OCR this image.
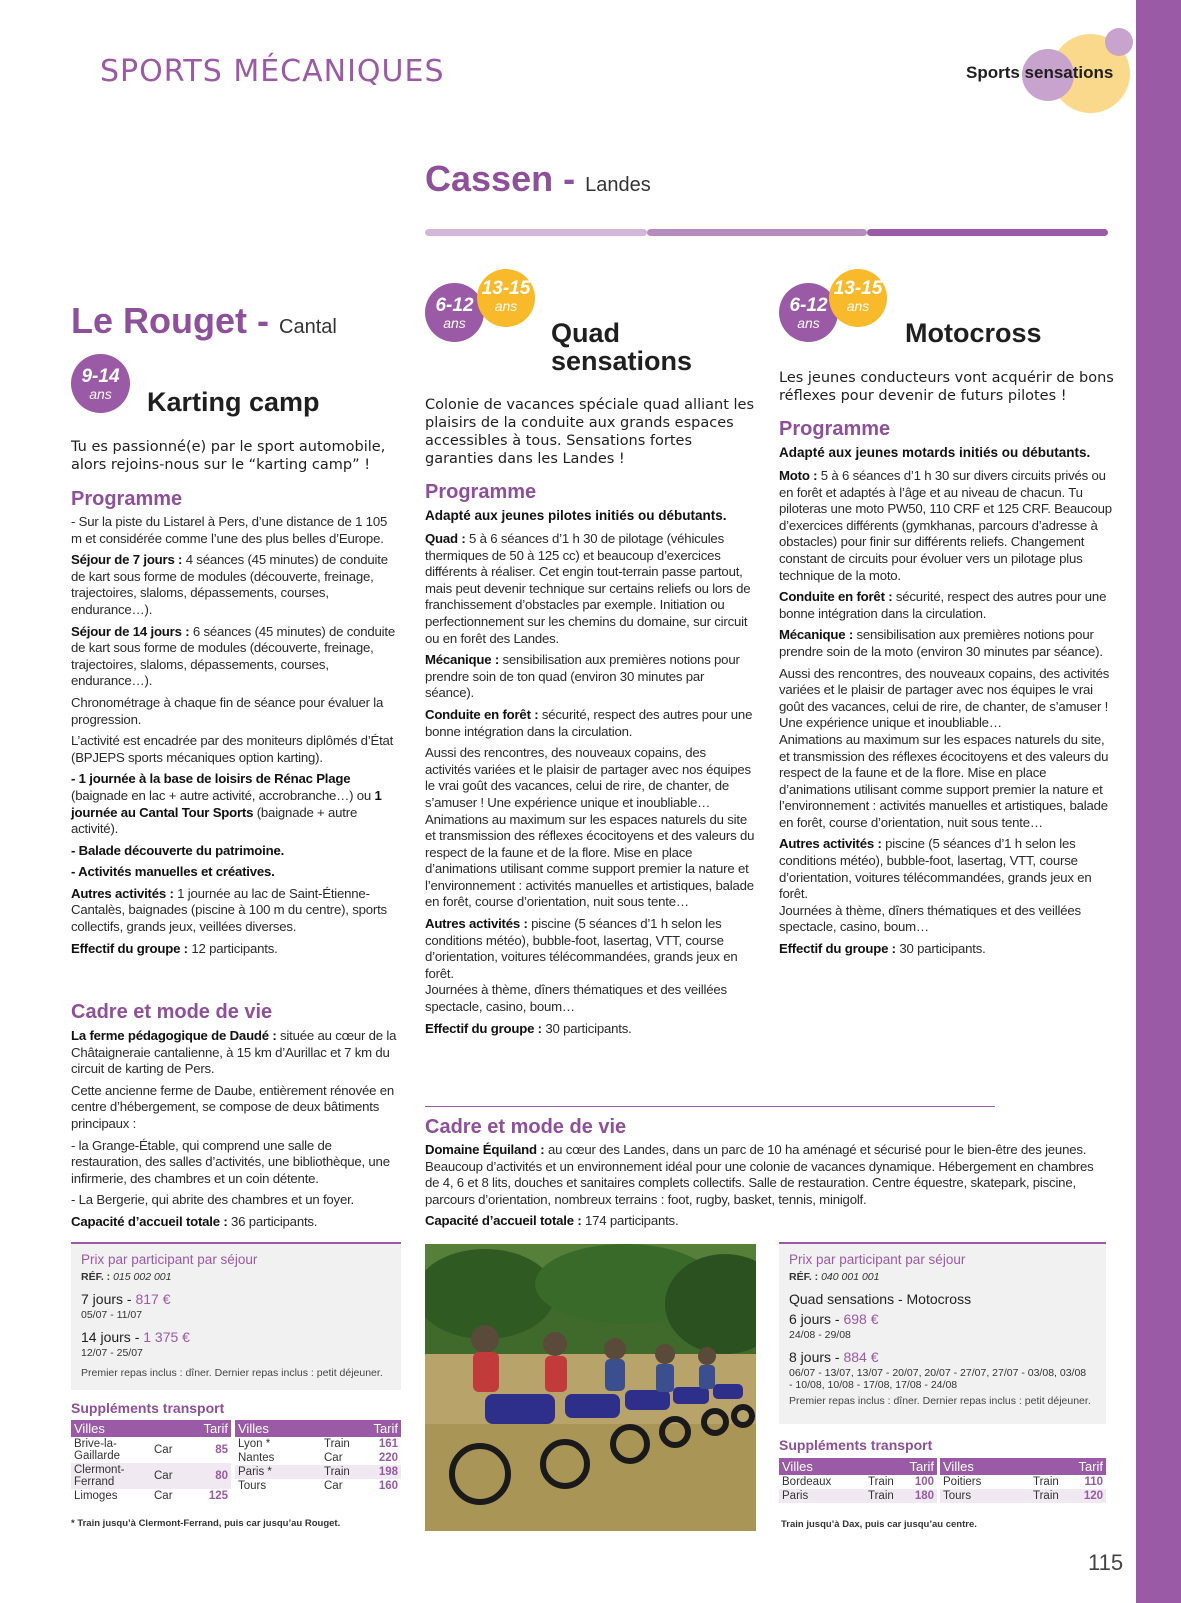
SPORTS MÉCANIQUES	Sports sensations
Cassen - Landes
Le Rouget - Cantal
9-14
ans	Karting camp
Tu es passionné(e) par le sport automobile, alors rejoins-nous sur le “karting camp” !
Programme

- Sur la piste du Listarel à Pers, d’une distance de 1 105 m et considérée comme l’une des plus belles d’Europe.

Séjour de 7 jours : 4 séances (45 minutes) de conduite de kart sous forme de modules (découverte, freinage, trajectoires, slaloms, dépassements, courses, endurance…).

Séjour de 14 jours : 6 séances (45 minutes) de conduite de kart sous forme de modules (découverte, freinage, trajectoires, slaloms, dépassements, courses, endurance…).

Chronométrage à chaque fin de séance pour évaluer la progression.

L’activité est encadrée par des moniteurs diplômés d’État (BPJEPS sports mécaniques option karting).

- 1 journée à la base de loisirs de Rénac Plage (baignade en lac + autre activité, accrobranche…) ou 1 journée au Cantal Tour Sports (baignade + autre activité).

- Balade découverte du patrimoine.

- Activités manuelles et créatives.

Autres activités : 1 journée au lac de Saint-Étienne-Cantalès, baignades (piscine à 100 m du centre), sports collectifs, grands jeux, veillées diverses.

Effectif du groupe : 12 participants.

Cadre et mode de vie

La ferme pédagogique de Daudé : située au cœur de la Châtaigneraie cantalienne, à 15 km d’Aurillac et 7 km du circuit de karting de Pers.

Cette ancienne ferme de Daube, entièrement rénovée en centre d’hébergement, se compose de deux bâtiments principaux :

- la Grange-Étable, qui comprend une salle de restauration, des salles d’activités, une bibliothèque, une infirmerie, des chambres et un coin détente.

- La Bergerie, qui abrite des chambres et un foyer.

Capacité d’accueil totale : 36 participants.

Prix par participant par séjour
RÉF. : 015 002 001
7 jours - 817 €
05/07 - 11/07
14 jours - 1 375 €
12/07 - 25/07
Premier repas inclus : dîner. Dernier repas inclus : petit déjeuner.
Suppléments transport
Villes		Tarif
Brive-la-Gaillarde	Car	85
Clermont-Ferrand	Car	80
Limoges	Car	125
Villes		Tarif
Lyon *	Train	161
Nantes	Car	220
Paris *	Train	198
Tours	Car	160
* Train jusqu’à Clermont-Ferrand, puis car jusqu’au Rouget.
6-12
ans
13-15
ans
Quad
sensations
Colonie de vacances spéciale quad alliant les plaisirs de la conduite aux grands espaces accessibles à tous. Sensations fortes garanties dans les Landes !
Programme
Adapté aux jeunes pilotes initiés ou débutants.

Quad : 5 à 6 séances d’1 h 30 de pilotage (véhicules thermiques de 50 à 125 cc) et beaucoup d’exercices différents à réaliser. Cet engin tout-terrain passe partout, mais peut devenir technique sur certains reliefs ou lors de franchissement d’obstacles par exemple. Initiation ou perfectionnement sur les chemins du domaine, sur circuit ou en forêt des Landes.

Mécanique : sensibilisation aux premières notions pour prendre soin de ton quad (environ 30 minutes par séance).

Conduite en forêt : sécurité, respect des autres pour une bonne intégration dans la circulation.

Aussi des rencontres, des nouveaux copains, des activités variées et le plaisir de partager avec nos équipes le vrai goût des vacances, celui de rire, de chanter, de s’amuser ! Une expérience unique et inoubliable…

Animations au maximum sur les espaces naturels du site et transmission des réflexes écocitoyens et des valeurs du respect de la faune et de la flore. Mise en place d’animations utilisant comme support premier la nature et l’environnement : activités manuelles et artistiques, balade en forêt, course d’orientation, nuit sous tente…

Autres activités : piscine (5 séances d’1 h selon les conditions météo), bubble-foot, lasertag, VTT, course d’orientation, voitures télécommandées, grands jeux en forêt.

Journées à thème, dîners thématiques et des veillées spectacle, casino, boum…

Effectif du groupe : 30 participants.

6-12
ans
13-15
ans
Motocross
Les jeunes conducteurs vont acquérir de bons réflexes pour devenir de futurs pilotes !
Programme
Adapté aux jeunes motards initiés ou débutants.

Moto : 5 à 6 séances d’1 h 30 sur divers circuits privés ou en forêt et adaptés à l’âge et au niveau de chacun. Tu piloteras une moto PW50, 110 CRF et 125 CRF. Beaucoup d’exercices différents (gymkhanas, parcours d’adresse à obstacles) pour finir sur différents reliefs. Changement constant de circuits pour évoluer vers un pilotage plus technique de la moto.

Conduite en forêt : sécurité, respect des autres pour une bonne intégration dans la circulation.

Mécanique : sensibilisation aux premières notions pour prendre soin de la moto (environ 30 minutes par séance).

Aussi des rencontres, des nouveaux copains, des activités variées et le plaisir de partager avec nos équipes le vrai goût des vacances, celui de rire, de chanter, de s’amuser ! Une expérience unique et inoubliable…

Animations au maximum sur les espaces naturels du site, et transmission des réflexes écocitoyens et des valeurs du respect de la faune et de la flore. Mise en place d’animations utilisant comme support premier la nature et l’environnement : activités manuelles et artistiques, balade en forêt, course d’orientation, nuit sous tente…

Autres activités : piscine (5 séances d’1 h selon les conditions météo), bubble-foot, lasertag, VTT, course d’orientation, voitures télécommandées, grands jeux en forêt.

Journées à thème, dîners thématiques et des veillées spectacle, casino, boum…

Effectif du groupe : 30 participants.

Cadre et mode de vie

Domaine Équiland : au cœur des Landes, dans un parc de 10 ha aménagé et sécurisé pour le bien-être des jeunes. Beaucoup d’activités et un environnement idéal pour une colonie de vacances dynamique. Hébergement en chambres de 4, 6 et 8 lits, douches et sanitaires complets collectifs. Salle de restauration. Centre équestre, skatepark, piscine, parcours d’orientation, nombreux terrains : foot, rugby, basket, tennis, minigolf.

Capacité d’accueil totale : 174 participants.

Prix par participant par séjour
RÉF. : 040 001 001
Quad sensations - Motocross
6 jours - 698 €
24/08 - 29/08
8 jours - 884 €
06/07 - 13/07, 13/07 - 20/07, 20/07 - 27/07, 27/07 - 03/08, 03/08 - 10/08, 10/08 - 17/08, 17/08 - 24/08
Premier repas inclus : dîner. Dernier repas inclus : petit déjeuner.
Suppléments transport
Villes		Tarif
Bordeaux	Train	100
Paris	Train	180
Villes		Tarif
Poitiers	Train	110
Tours	Train	120
Train jusqu’à Dax, puis car jusqu’au centre.
115
